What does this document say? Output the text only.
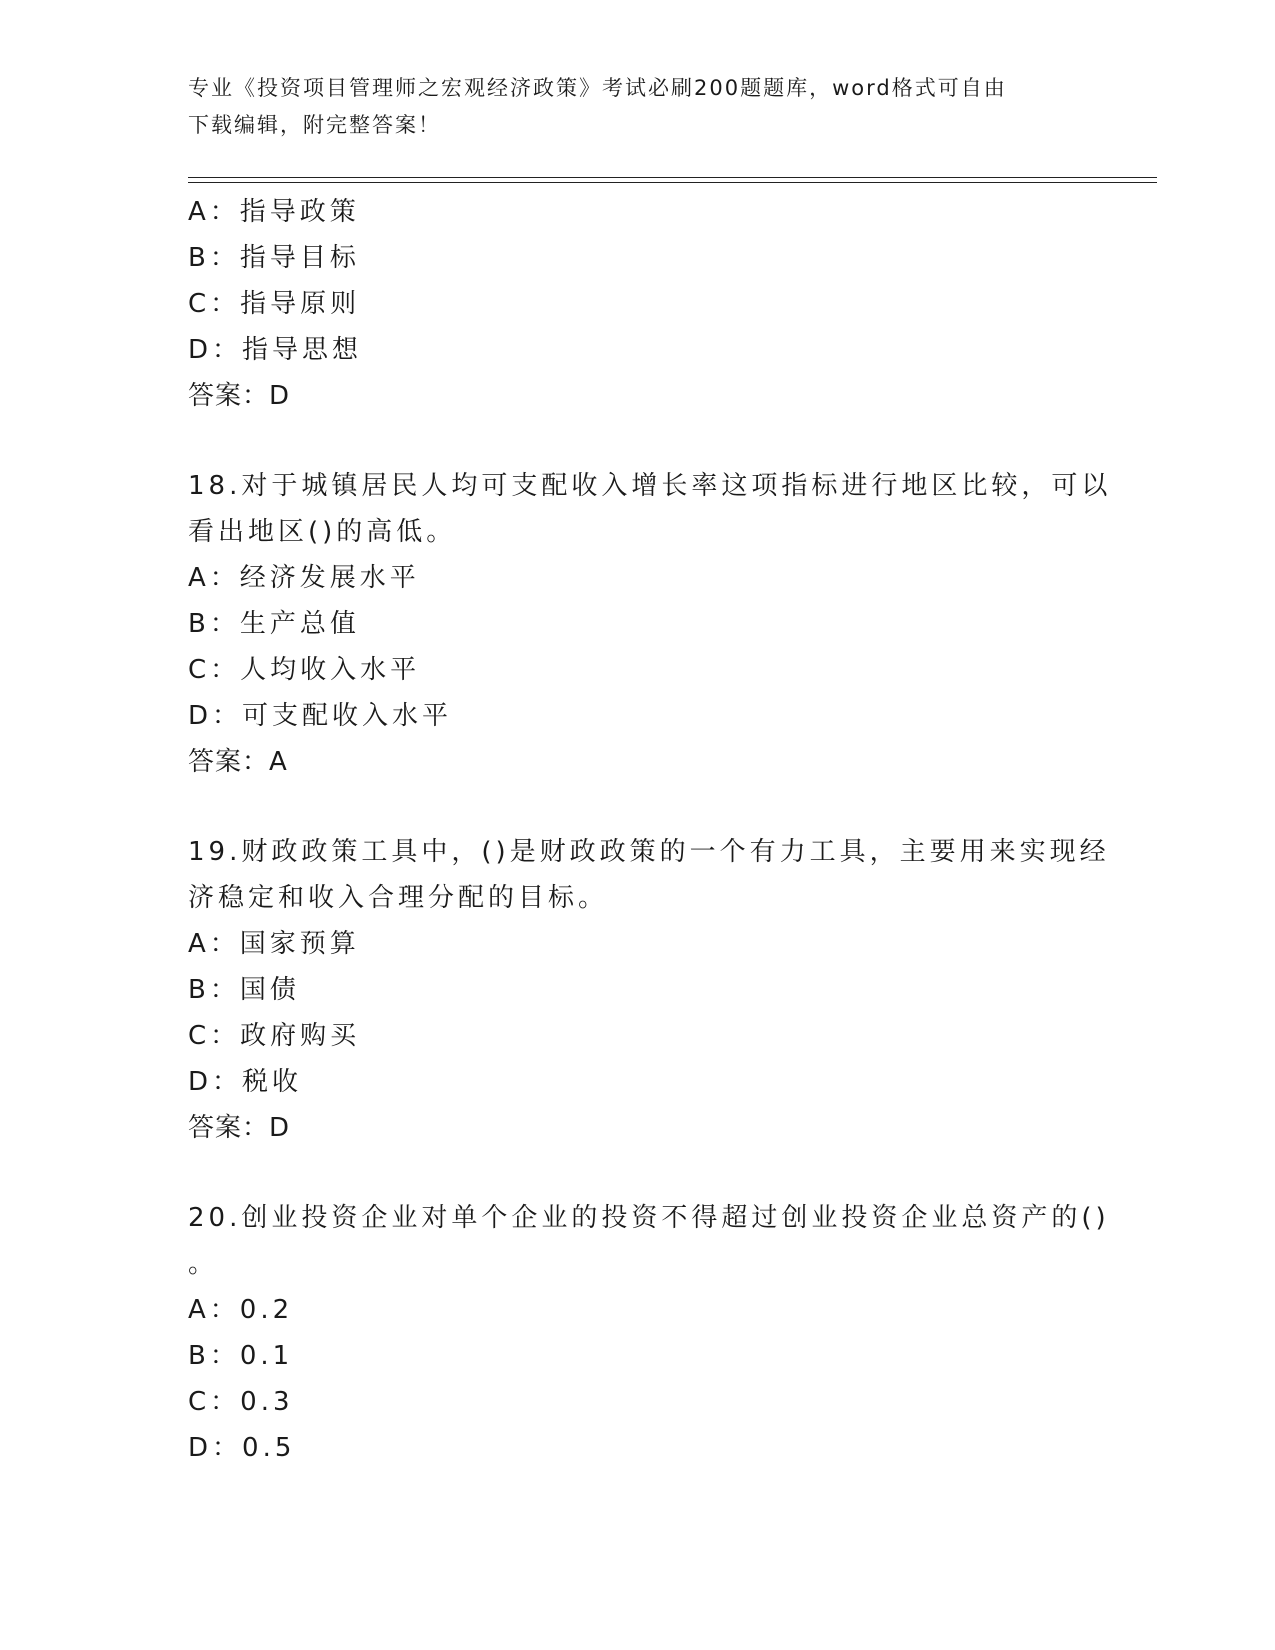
专业《投资项目管理师之宏观经济政策》考试必刷200题题库，word格式可自由
下载编辑，附完整答案！
A：指导政策
B：指导目标
C：指导原则
D：指导思想
答案：D
18.对于城镇居民人均可支配收入增长率这项指标进行地区比较，可以
看出地区()的高低。
A：经济发展水平
B：生产总值
C：人均收入水平
D：可支配收入水平
答案：A
19.财政政策工具中，()是财政政策的一个有力工具，主要用来实现经
济稳定和收入合理分配的目标。
A：国家预算
B：国债
C：政府购买
D：税收
答案：D
20.创业投资企业对单个企业的投资不得超过创业投资企业总资产的()
。
A：0.2
B：0.1
C：0.3
D：0.5
